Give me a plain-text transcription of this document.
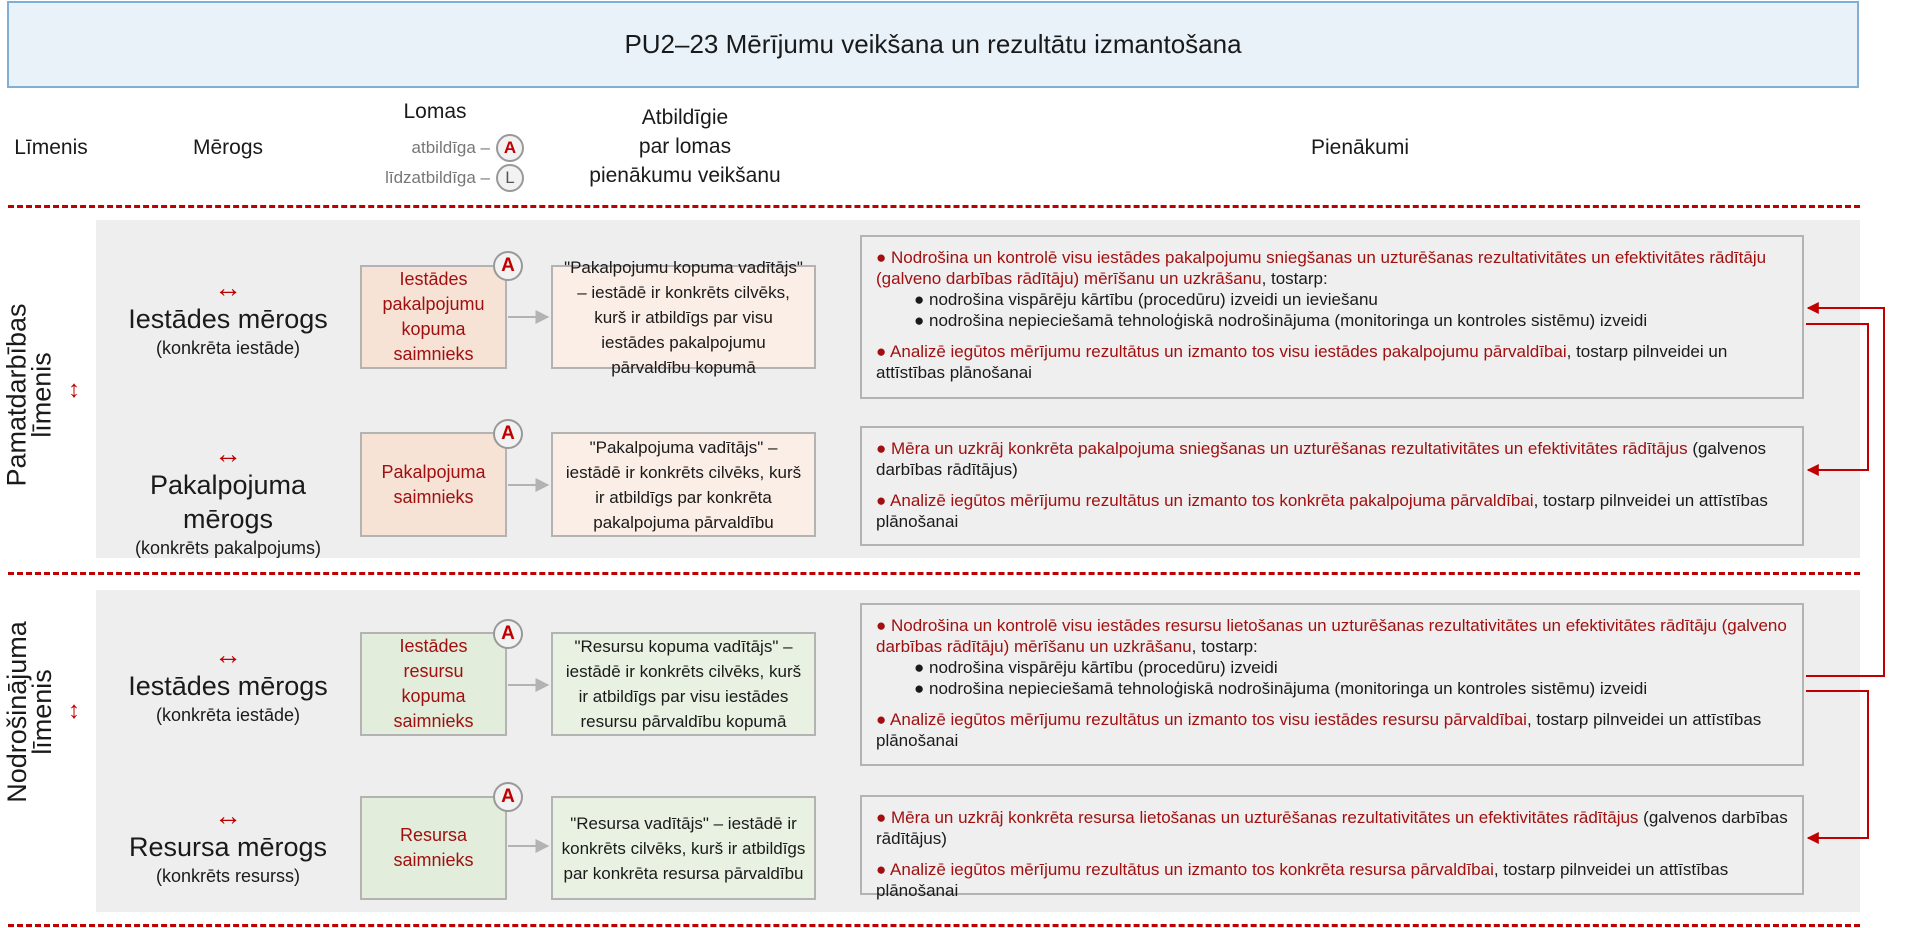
PU2–23 Mērījumu veikšana un rezultātu izmantošana
Līmenis	Mērogs
Lomas
atbildīga – A
līdzatbildīga – L
Atbildīgie
par lomas
pienākumu veikšanu
Pienākumi
Pamatdarbības
līmenis ↕
Nodrošinājuma
līmenis ↕
↔
Iestādes mērogs
(konkrēta iestāde)
Iestādes pakalpojumu kopuma saimnieks
A	"Pakalpojumu kopuma vadītājs" – iestādē ir konkrēts cilvēks, kurš ir atbildīgs par visu iestādes pakalpojumu pārvaldību kopumā

● Nodrošina un kontrolē visu iestādes pakalpojumu sniegšanas un uzturēšanas rezultativitātes un efektivitātes rādītāju (galveno darbības rādītāju) mērīšanu un uzkrāšanu, tostarp:

● nodrošina vispārēju kārtību (procedūru) izveidi un ieviešanu

● nodrošina nepieciešamā tehnoloģiskā nodrošinājuma (monitoringa un kontroles sistēmu) izveidi

● Analizē iegūtos mērījumu rezultātus un izmanto tos visu iestādes pakalpojumu pārvaldībai, tostarp pilnveidei un attīstības plānošanai

↔
Pakalpojuma mērogs
(konkrēts pakalpojums)
Pakalpojuma saimnieks
A
"Pakalpojuma vadītājs" – iestādē ir konkrēts cilvēks, kurš ir atbildīgs par konkrēta pakalpojuma pārvaldību

● Mēra un uzkrāj konkrēta pakalpojuma sniegšanas un uzturēšanas rezultativitātes un efektivitātes rādītājus (galvenos darbības rādītājus)

● Analizē iegūtos mērījumu rezultātus un izmanto tos konkrēta pakalpojuma pārvaldībai, tostarp pilnveidei un attīstības plānošanai

↔
Iestādes mērogs
(konkrēta iestāde)
Iestādes resursu kopuma saimnieks
A
"Resursu kopuma vadītājs" – iestādē ir konkrēts cilvēks, kurš ir atbildīgs par visu iestādes resursu pārvaldību kopumā

● Nodrošina un kontrolē visu iestādes resursu lietošanas un uzturēšanas rezultativitātes un efektivitātes rādītāju (galveno darbības rādītāju) mērīšanu un uzkrāšanu, tostarp:

● nodrošina vispārēju kārtību (procedūru) izveidi

● nodrošina nepieciešamā tehnoloģiskā nodrošinājuma (monitoringa un kontroles sistēmu) izveidi

● Analizē iegūtos mērījumu rezultātus un izmanto tos visu iestādes resursu pārvaldībai, tostarp pilnveidei un attīstības plānošanai

↔
Resursa mērogs
(konkrēts resurss)
Resursa saimnieks
A
"Resursa vadītājs" – iestādē ir konkrēts cilvēks, kurš ir atbildīgs par konkrēta resursa pārvaldību

● Mēra un uzkrāj konkrēta resursa lietošanas un uzturēšanas rezultativitātes un efektivitātes rādītājus (galvenos darbības rādītājus)

● Analizē iegūtos mērījumu rezultātus un izmanto tos konkrēta resursa pārvaldībai, tostarp pilnveidei un attīstības plānošanai
